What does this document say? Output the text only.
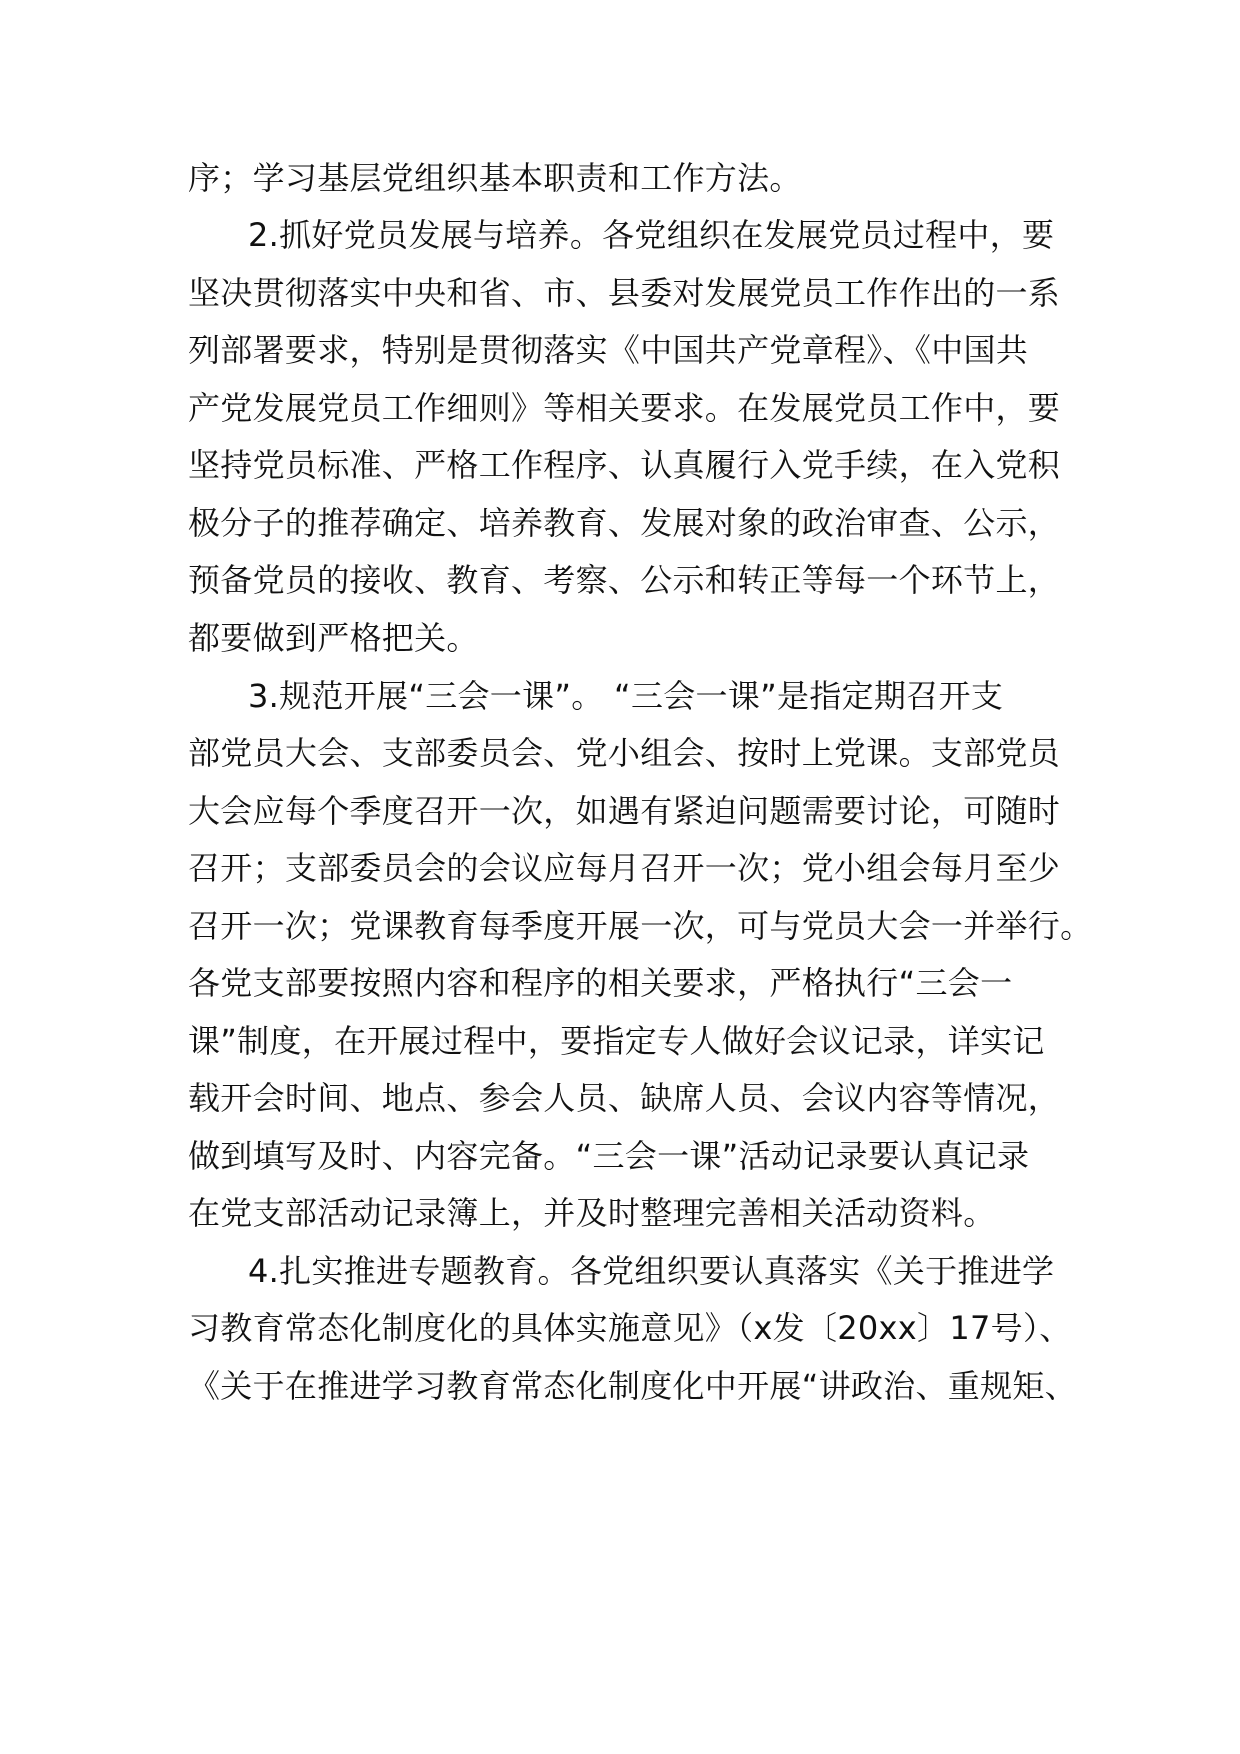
序；学习基层党组织基本职责和工作方法。
2.抓好党员发展与培养。各党组织在发展党员过程中，要
坚决贯彻落实中央和省、市、县委对发展党员工作作出的一系
列部署要求，特别是贯彻落实《中国共产党章程》、《中国共
产党发展党员工作细则》等相关要求。在发展党员工作中，要
坚持党员标准、严格工作程序、认真履行入党手续，在入党积
极分子的推荐确定、培养教育、发展对象的政治审查、公示，
预备党员的接收、教育、考察、公示和转正等每一个环节上，
都要做到严格把关。
3.规范开展“三会一课”。 “三会一课”是指定期召开支
部党员大会、支部委员会、党小组会、按时上党课。支部党员
大会应每个季度召开一次，如遇有紧迫问题需要讨论，可随时
召开；支部委员会的会议应每月召开一次；党小组会每月至少
召开一次；党课教育每季度开展一次，可与党员大会一并举行。
各党支部要按照内容和程序的相关要求，严格执行“三会一
课”制度，在开展过程中，要指定专人做好会议记录，详实记
载开会时间、地点、参会人员、缺席人员、会议内容等情况，
做到填写及时、内容完备。“三会一课”活动记录要认真记录
在党支部活动记录簿上，并及时整理完善相关活动资料。
4.扎实推进专题教育。各党组织要认真落实《关于推进学
习教育常态化制度化的具体实施意见》（x发〔20xx〕17号）、
《关于在推进学习教育常态化制度化中开展“讲政治、重规矩、
